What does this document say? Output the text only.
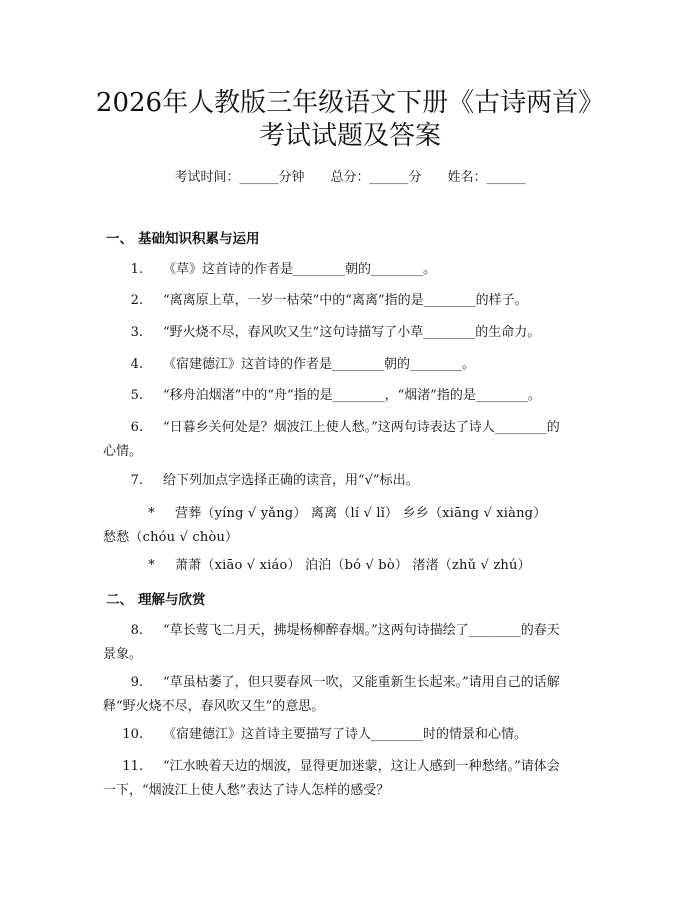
2026年人教版三年级语文下册《古诗两首》
考试试题及答案
考试时间：______分钟 总分：______分 姓名：______
一、 基础知识积累与运用
1. 《草》这首诗的作者是________朝的________。
2. “离离原上草，一岁一枯荣”中的“离离”指的是________的样子。
3. “野火烧不尽，春风吹又生”这句诗描写了小草________的生命力。
4. 《宿建德江》这首诗的作者是________朝的________。
5. “移舟泊烟渚”中的“舟”指的是________，“烟渚”指的是________。
6. “日暮乡关何处是？烟波江上使人愁。”这两句诗表达了诗人________的
心情。
7. 给下列加点字选择正确的读音，用“√”标出。
* 营葬（yíng √ yǎng） 离离（lí √ lǐ） 乡乡（xiāng √ xiàng）
愁愁（chóu √ chòu）
* 萧萧（xiāo √ xiáo） 泊泊（bó √ bò） 渚渚（zhǔ √ zhú）
二、 理解与欣赏
8. “草长莺飞二月天，拂堤杨柳醉春烟。”这两句诗描绘了________的春天
景象。
9. “草虽枯萎了，但只要春风一吹，又能重新生长起来。”请用自己的话解
释“野火烧不尽，春风吹又生”的意思。
10. 《宿建德江》这首诗主要描写了诗人________时的情景和心情。
11. “江水映着天边的烟波，显得更加迷蒙，这让人感到一种愁绪。”请体会
一下，“烟波江上使人愁”表达了诗人怎样的感受？
